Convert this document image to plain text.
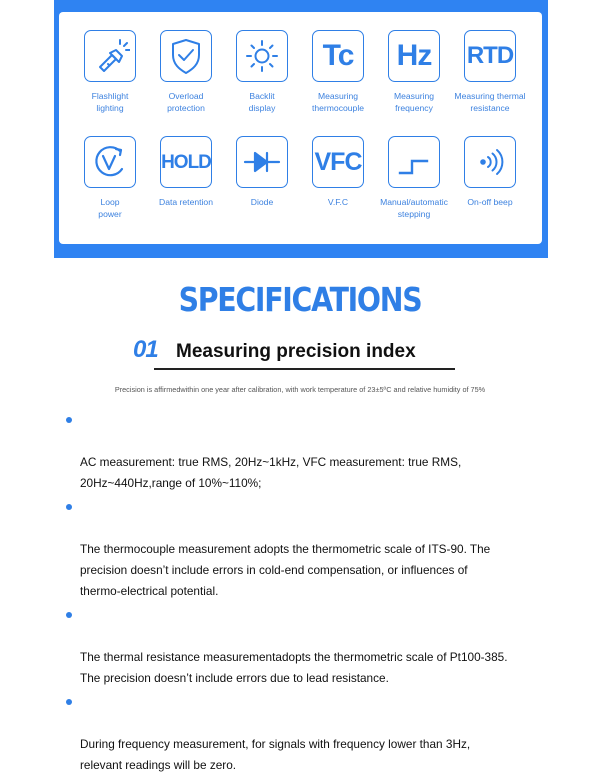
Flashlight
lighting
Overload
protection
Backlit
display
Tc
Measuring
thermocouple
Hz
Measuring
frequency
RTD
Measuring thermal
resistance
Loop
power
HOLD
Data retention	Diode
VFC
V.F.C	Manual/automatic
stepping
On-off beep
SPECIFICATIONS
01 Measuring precision index
Precision is affirmedwithin one year after calibration, with work temperature of 23±5ºC and relative humidity of 75%

AC measurement: true RMS, 20Hz~1kHz, VFC measurement: true RMS,
20Hz~440Hz,range of 10%~110%;

The thermocouple measurement adopts the thermometric scale of ITS-90. The
precision doesn’t include errors in cold-end compensation, or influences of
thermo-electrical potential.

The thermal resistance measurementadopts the thermometric scale of Pt100-385.
The precision doesn’t include errors due to lead resistance.

During frequency measurement, for signals with frequency lower than 3Hz,
relevant readings will be zero.
